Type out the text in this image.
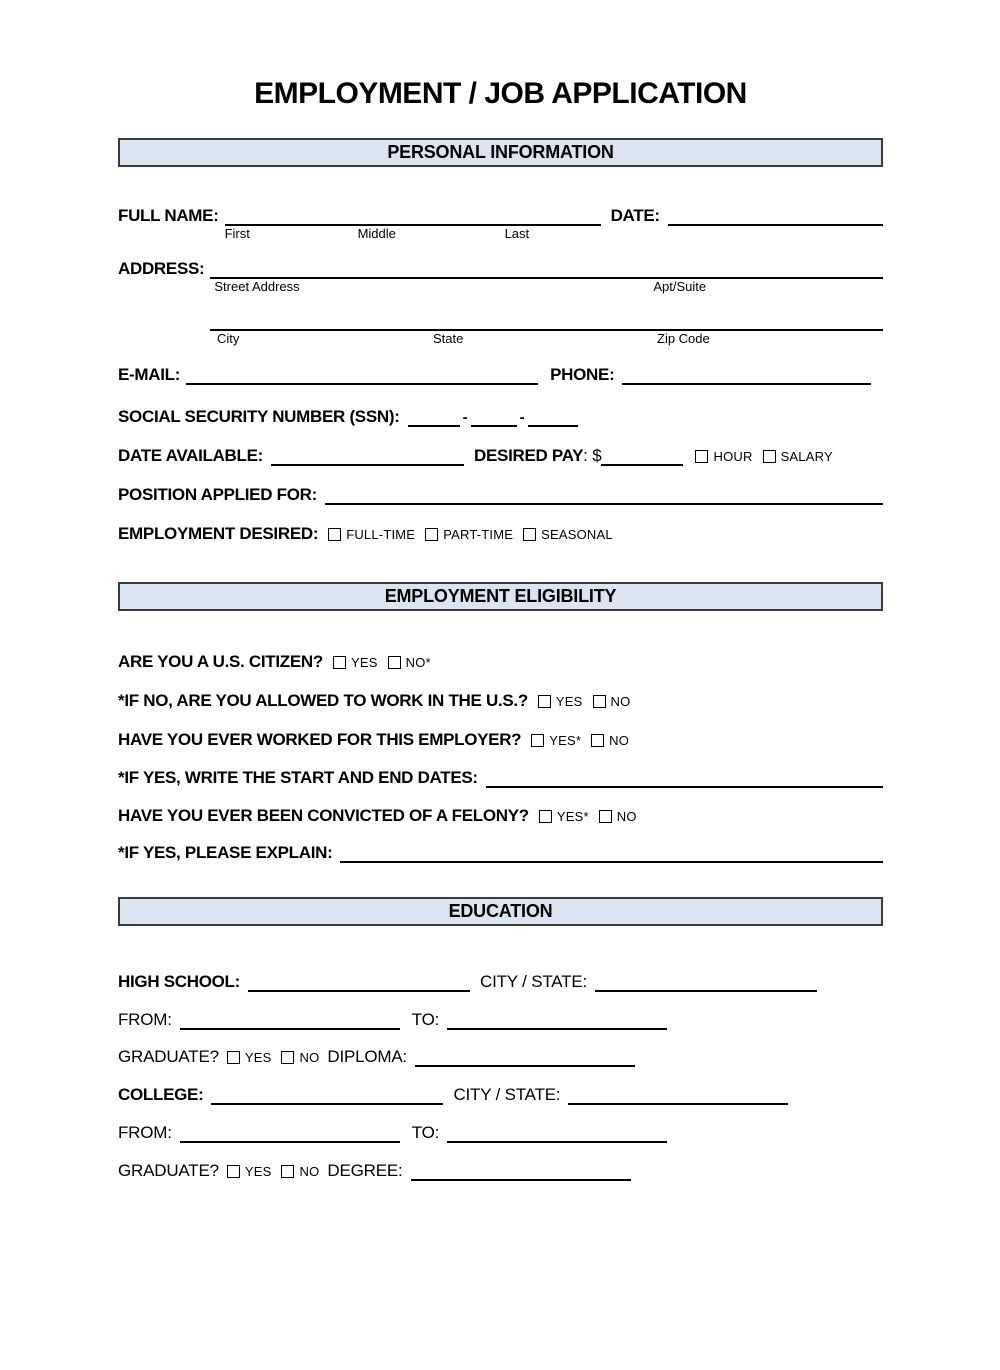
EMPLOYMENT / JOB APPLICATION
PERSONAL INFORMATION
FULL NAME:
First	Middle	Last
DATE:
ADDRESS:
Street Address	Apt/Suite
City	State	Zip Code
E-MAIL:	PHONE:
SOCIAL SECURITY NUMBER (SSN):	-	-
DATE AVAILABLE:	DESIRED PAY : $	HOUR SALARY
POSITION APPLIED FOR:
EMPLOYMENT DESIRED: FULL-TIME PART-TIME SEASONAL
EMPLOYMENT ELIGIBILITY
ARE YOU A U.S. CITIZEN? YES NO*
*IF NO, ARE YOU ALLOWED TO WORK IN THE U.S.? YES NO
HAVE YOU EVER WORKED FOR THIS EMPLOYER? YES* NO
*IF YES, WRITE THE START AND END DATES:
HAVE YOU EVER BEEN CONVICTED OF A FELONY? YES* NO
*IF YES, PLEASE EXPLAIN:
EDUCATION
HIGH SCHOOL:	CITY / STATE:
FROM:	TO:
GRADUATE? YES NO DIPLOMA:
COLLEGE:	CITY / STATE:
FROM:	TO:
GRADUATE? YES NO DEGREE:
